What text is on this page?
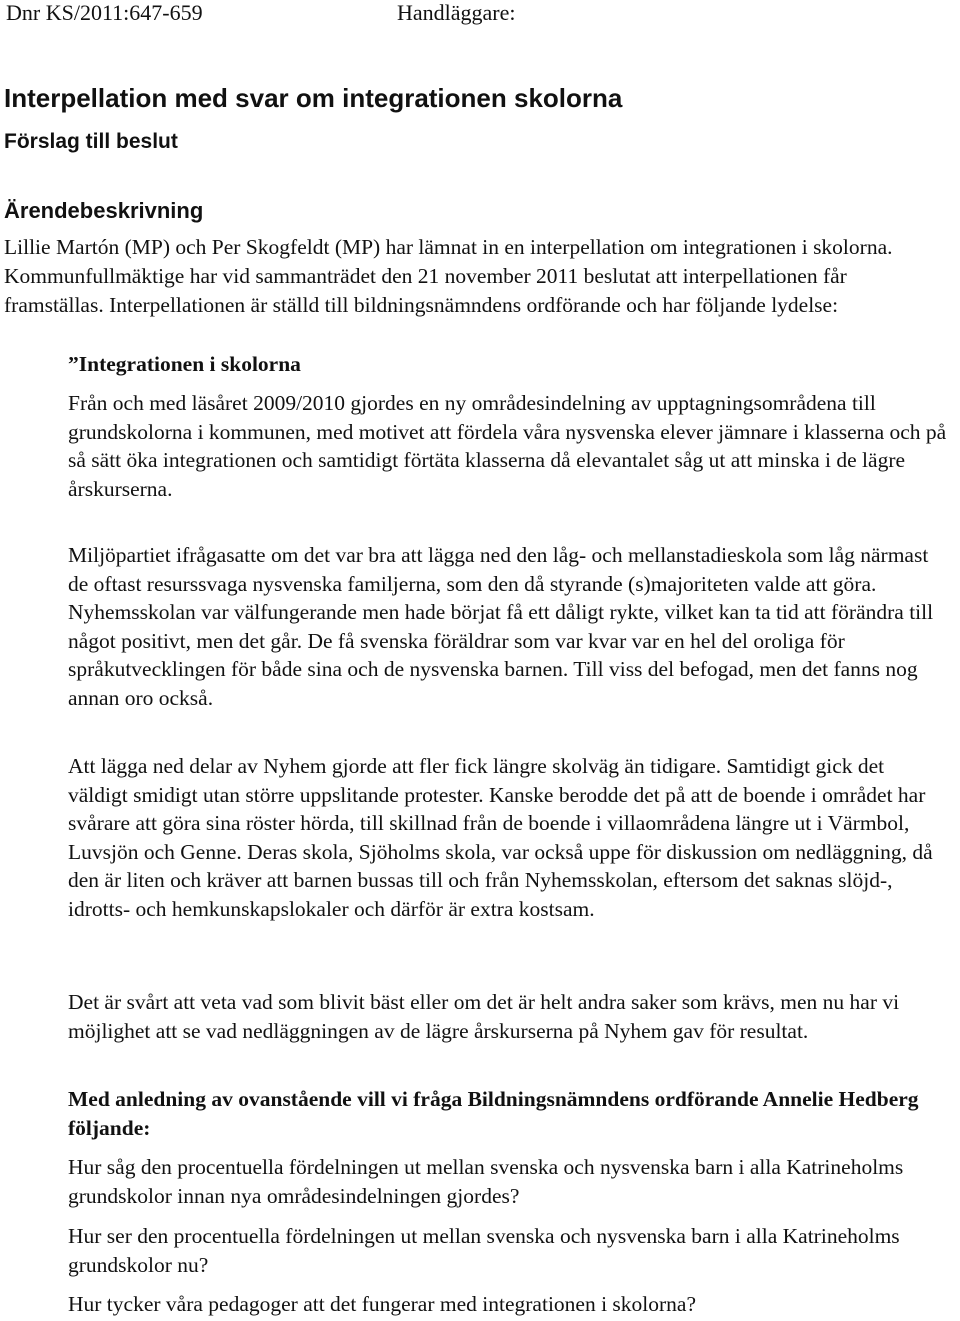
Dnr KS/2011:647-659	Handläggare:
Interpellation med svar om integrationen skolorna
Förslag till beslut
Ärendebeskrivning

Lillie Martón (MP) och Per Skogfeldt (MP) har lämnat in en interpellation om integrationen i skolorna. Kommunfullmäktige har vid sammanträdet den 21 november 2011 beslutat att interpellationen får framställas. Interpellationen är ställd till bildningsnämndens ordförande och har följande lydelse:

”Integrationen i skolorna

Från och med läsåret 2009/2010 gjordes en ny områdesindelning av upptagningsområdena till grundskolorna i kommunen, med motivet att fördela våra nysvenska elever jämnare i klasserna och på så sätt öka integrationen och samtidigt förtäta klasserna då elevantalet såg ut att minska i de lägre årskurserna.

Miljöpartiet ifrågasatte om det var bra att lägga ned den låg- och mellanstadieskola som låg närmast de oftast resurssvaga nysvenska familjerna, som den då styrande (s)majoriteten valde att göra. Nyhemsskolan var välfungerande men hade börjat få ett dåligt rykte, vilket kan ta tid att förändra till något positivt, men det går. De få svenska föräldrar som var kvar var en hel del oroliga för språkutvecklingen för både sina och de nysvenska barnen. Till viss del befogad, men det fanns nog annan oro också.

Att lägga ned delar av Nyhem gjorde att fler fick längre skolväg än tidigare. Samtidigt gick det väldigt smidigt utan större uppslitande protester. Kanske berodde det på att de boende i området har svårare att göra sina röster hörda, till skillnad från de boende i villaområdena längre ut i Värmbol, Luvsjön och Genne. Deras skola, Sjöholms skola, var också uppe för diskussion om nedläggning, då den är liten och kräver att barnen bussas till och från Nyhemsskolan, eftersom det saknas slöjd-, idrotts- och hemkunskapslokaler och därför är extra kostsam.

Det är svårt att veta vad som blivit bäst eller om det är helt andra saker som krävs, men nu har vi möjlighet att se vad nedläggningen av de lägre årskurserna på Nyhem gav för resultat.

Med anledning av ovanstående vill vi fråga Bildningsnämndens ordförande Annelie Hedberg följande:

Hur såg den procentuella fördelningen ut mellan svenska och nysvenska barn i alla Katrineholms grundskolor innan nya områdesindelningen gjordes?

Hur ser den procentuella fördelningen ut mellan svenska och nysvenska barn i alla Katrineholms grundskolor nu?

Hur tycker våra pedagoger att det fungerar med integrationen i skolorna?
